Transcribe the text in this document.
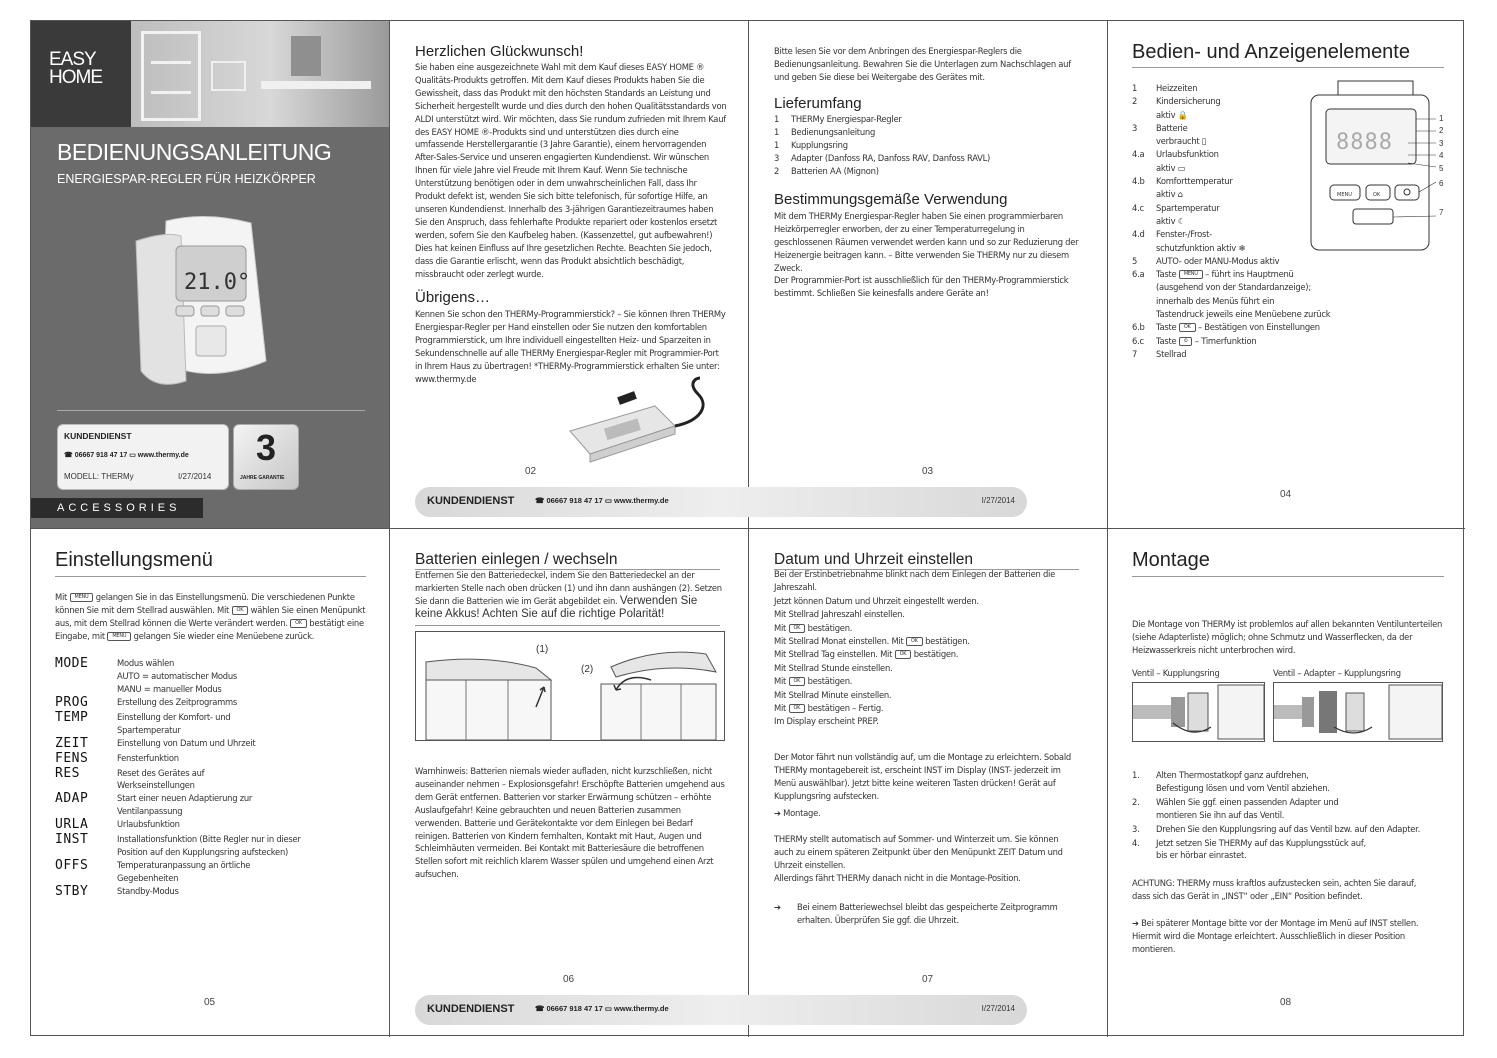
EASY
HOME
BEDIENUNGSANLEITUNG
ENERGIESPAR-REGLER FÜR HEIZKÖRPER
21.0°
KUNDENDIENST
☎ 06667 918 47 17 ▭ www.thermy.de
MODELL: THERMy	I/27/2014
3
JAHRE GARANTIE
ACCESSORIES
Herzlichen Glückwunsch!
Sie haben eine ausgezeichnete Wahl mit dem Kauf dieses EASY HOME ® Qualitäts-Produkts getroffen. Mit dem Kauf dieses Produkts haben Sie die Gewissheit, dass das Produkt mit den höchsten Standards an Leistung und Sicherheit hergestellt wurde und dies durch den hohen Qualitätsstandards von ALDI unterstützt wird. Wir möchten, dass Sie rundum zufrieden mit Ihrem Kauf des EASY HOME ®-Produkts sind und unterstützen dies durch eine umfassende Herstellergarantie (3 Jahre Garantie), einem hervorragenden After-Sales-Service und unseren engagierten Kundendienst. Wir wünschen Ihnen für viele Jahre viel Freude mit Ihrem Kauf. Wenn Sie technische Unterstützung benötigen oder in dem unwahrscheinlichen Fall, dass Ihr Produkt defekt ist, wenden Sie sich bitte telefonisch, für sofortige Hilfe, an unseren Kundendienst. Innerhalb des 3-jährigen Garantiezeitraumes haben Sie den Anspruch, dass fehlerhafte Produkte repariert oder kostenlos ersetzt werden, sofern Sie den Kaufbeleg haben. (Kassenzettel, gut aufbewahren!) Dies hat keinen Einfluss auf Ihre gesetzlichen Rechte. Beachten Sie jedoch, dass die Garantie erlischt, wenn das Produkt absichtlich beschädigt, missbraucht oder zerlegt wurde.
Übrigens…
Kennen Sie schon den THERMy-Programmierstick? – Sie können Ihren THERMy Energiespar-Regler per Hand einstellen oder Sie nutzen den komfortablen Programmierstick, um Ihre individuell eingestellten Heiz- und Sparzeiten in Sekundenschnelle auf alle THERMy Energiespar-Regler mit Programmier-Port in Ihrem Haus zu übertragen! *THERMy-Programmierstick erhalten Sie unter: www.thermy.de
02
Bitte lesen Sie vor dem Anbringen des Energiespar-Reglers die Bedienungsanleitung. Bewahren Sie die Unterlagen zum Nachschlagen auf und geben Sie diese bei Weitergabe des Gerätes mit.
Lieferumfang
1 THERMy Energiespar-Regler
1 Bedienungsanleitung
1 Kupplungsring
3 Adapter (Danfoss RA, Danfoss RAV, Danfoss RAVL)
2 Batterien AA (Mignon)
Bestimmungsgemäße Verwendung
Mit dem THERMy Energiespar-Regler haben Sie einen programmierbaren Heizkörperregler erworben, der zu einer Temperaturregelung in geschlossenen Räumen verwendet werden kann und so zur Reduzierung der Heizenergie beitragen kann. – Bitte verwenden Sie THERMy nur zu diesem Zweck.
Der Programmier-Port ist ausschließlich für den THERMy-Programmierstick bestimmt. Schließen Sie keinesfalls andere Geräte an!
03
KUNDENDIENST	☎ 06667 918 47 17 ▭ www.thermy.de	I/27/2014
Bedien- und Anzeigenelemente
1 Heizzeiten
2 Kindersicherung
aktiv 🔒
3 Batterie
verbraucht ▯
4.a Urlaubsfunktion
aktiv ▭
4.b Komforttemperatur
aktiv ⌂
4.c Spartemperatur
aktiv ☾
4.d Fenster-/Frost-
schutzfunktion aktiv ❄
5 AUTO- oder MANU-Modus aktiv
6.a Taste MENU – führt ins Hauptmenü
(ausgehend von der Standardanzeige);
innerhalb des Menüs führt ein
Tastendruck jeweils eine Menüebene zurück
6.b Taste OK – Bestätigen von Einstellungen
6.c Taste ⏲ – Timerfunktion
7 Stellrad
8888
MENU	OK
1
2
3
4
5
6
7
04
Einstellungsmenü
Mit MENU gelangen Sie in das Einstellungsmenü. Die verschiedenen Punkte können Sie mit dem Stellrad auswählen. Mit OK wählen Sie einen Menüpunkt aus, mit dem Stellrad können die Werte verändert werden. OK bestätigt eine Eingabe, mit MENU gelangen Sie wieder eine Menüebene zurück.
MODE	Modus wählen
AUTO = automatischer Modus
MANU = manueller Modus
PROG	Erstellung des Zeitprogramms
TEMP	Einstellung der Komfort- und
Spartemperatur
ZEIT	Einstellung von Datum und Uhrzeit
FENS	Fensterfunktion
RES	Reset des Gerätes auf
Werkseinstellungen
ADAP	Start einer neuen Adaptierung zur
Ventilanpassung
URLA	Urlaubsfunktion
INST	Installationsfunktion (Bitte Regler nur in dieser
Position auf den Kupplungsring aufstecken)
OFFS	Temperaturanpassung an örtliche
Gegebenheiten
STBY	Standby-Modus
05
Batterien einlegen / wechseln
Entfernen Sie den Batteriedeckel, indem Sie den Batteriedeckel an der markierten Stelle nach oben drücken (1) und ihn dann aushängen (2). Setzen Sie dann die Batterien wie im Gerät abgebildet ein. Verwenden Sie keine Akkus! Achten Sie auf die richtige Polarität!
(1)
(2)
Warnhinweis: Batterien niemals wieder aufladen, nicht kurzschließen, nicht auseinander nehmen – Explosionsgefahr! Erschöpfte Batterien umgehend aus dem Gerät entfernen. Batterien vor starker Erwärmung schützen – erhöhte Auslaufgefahr! Keine gebrauchten und neuen Batterien zusammen verwenden. Batterie und Gerätekontakte vor dem Einlegen bei Bedarf reinigen. Batterien von Kindern fernhalten, Kontakt mit Haut, Augen und Schleimhäuten vermeiden. Bei Kontakt mit Batteriesäure die betroffenen Stellen sofort mit reichlich klarem Wasser spülen und umgehend einen Arzt aufsuchen.
06
Datum und Uhrzeit einstellen
Bei der Erstinbetriebnahme blinkt nach dem Einlegen der Batterien die Jahreszahl.
Jetzt können Datum und Uhrzeit eingestellt werden.
Mit Stellrad Jahreszahl einstellen.
Mit OK bestätigen.
Mit Stellrad Monat einstellen. Mit OK bestätigen.
Mit Stellrad Tag einstellen. Mit OK bestätigen.
Mit Stellrad Stunde einstellen.
Mit OK bestätigen.
Mit Stellrad Minute einstellen.
Mit OK bestätigen – Fertig.
Im Display erscheint PREP.
Der Motor fährt nun vollständig auf, um die Montage zu erleichtern. Sobald THERMy montagebereit ist, erscheint INST im Display (INST- jederzeit im Menü auswählbar). Jetzt bitte keine weiteren Tasten drücken! Gerät auf Kupplungsring aufstecken.
➔ Montage.
THERMy stellt automatisch auf Sommer- und Winterzeit um. Sie können auch zu einem späteren Zeitpunkt über den Menüpunkt ZEIT Datum und Uhrzeit einstellen.
Allerdings fährt THERMy danach nicht in die Montage-Position.
➔ Bei einem Batteriewechsel bleibt das gespeicherte Zeitprogramm erhalten. Überprüfen Sie ggf. die Uhrzeit.
07
KUNDENDIENST	☎ 06667 918 47 17 ▭ www.thermy.de	I/27/2014
Montage
Die Montage von THERMy ist problemlos auf allen bekannten Ventilunterteilen (siehe Adapterliste) möglich; ohne Schmutz und Wasserflecken, da der Heizwasserkreis nicht unterbrochen wird.
Ventil – Kupplungsring	Ventil – Adapter – Kupplungsring
1. Alten Thermostatkopf ganz aufdrehen,
Befestigung lösen und vom Ventil abziehen.
2. Wählen Sie ggf. einen passenden Adapter und
montieren Sie ihn auf das Ventil.
3. Drehen Sie den Kupplungsring auf das Ventil bzw. auf den Adapter.
4. Jetzt setzen Sie THERMy auf das Kupplungsstück auf,
bis er hörbar einrastet.
ACHTUNG: THERMy muss kraftlos aufzustecken sein, achten Sie darauf, dass sich das Gerät in „INST“ oder „EIN“ Position befindet.
➔ Bei späterer Montage bitte vor der Montage im Menü auf INST stellen. Hiermit wird die Montage erleichtert. Ausschließlich in dieser Position montieren.
08
